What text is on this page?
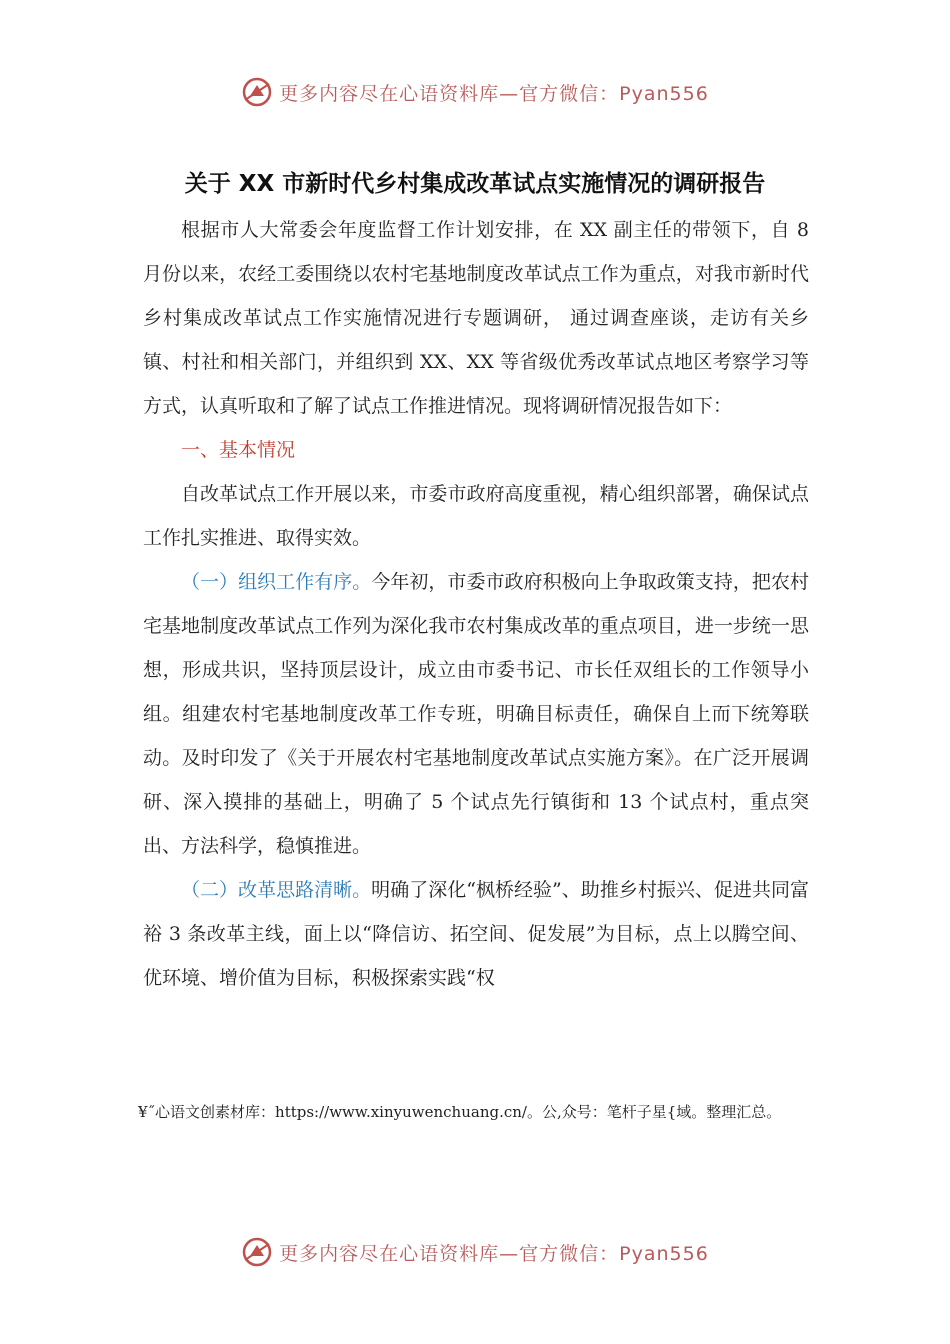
更多内容尽在心语资料库—官方微信：Pyan556
关于 XX 市新时代乡村集成改革试点实施情况的调研报告

根据市人大常委会年度监督工作计划安排，在 XX 副主任的带领下，自 8 月份以来，农经工委围绕以农村宅基地制度改革试点工作为重点，对我市新时代乡村集成改革试点工作实施情况进行专题调研， 通过调查座谈，走访有关乡镇、村社和相关部门，并组织到 XX、XX 等省级优秀改革试点地区考察学习等方式，认真听取和了解了试点工作推进情况。现将调研情况报告如下：

一、基本情况

自改革试点工作开展以来，市委市政府高度重视，精心组织部署，确保试点工作扎实推进、取得实效。

（一）组织工作有序。今年初，市委市政府积极向上争取政策支持，把农村宅基地制度改革试点工作列为深化我市农村集成改革的重点项目，进一步统一思想，形成共识，坚持顶层设计，成立由市委书记、市长任双组长的工作领导小组。组建农村宅基地制度改革工作专班，明确目标责任，确保自上而下统筹联动。及时印发了《关于开展农村宅基地制度改革试点实施方案》。在广泛开展调研、深入摸排的基础上，明确了 5 个试点先行镇街和 13 个试点村，重点突出、方法科学，稳慎推进。

（二）改革思路清晰。明确了深化“枫桥经验”、助推乡村振兴、促进共同富裕 3 条改革主线，面上以“降信访、拓空间、促发展”为目标，点上以腾空间、优环境、增价值为目标，积极探索实践“权

¥˝心语文创素材库：https://www.xinyuwenchuang.cn/。公,众号：笔杆子星{域。整理汇总。
更多内容尽在心语资料库—官方微信：Pyan556
